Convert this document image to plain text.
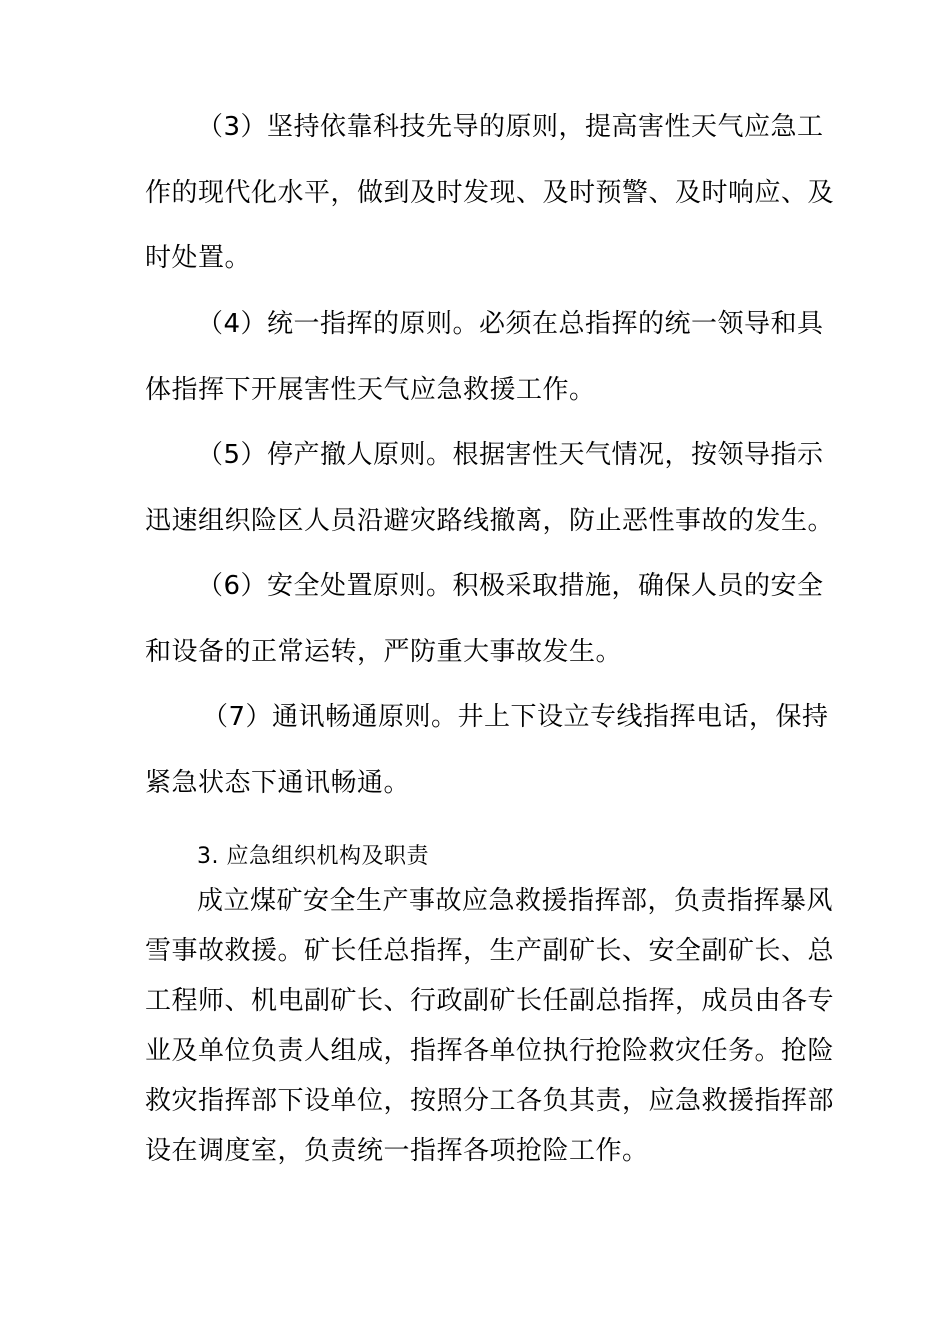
（3）坚持依靠科技先导的原则，提高害性天气应急工
作的现代化水平，做到及时发现、及时预警、及时响应、及
时处置。
（4）统一指挥的原则。必须在总指挥的统一领导和具
体指挥下开展害性天气应急救援工作。
（5）停产撤人原则。根据害性天气情况，按领导指示
迅速组织险区人员沿避灾路线撤离，防止恶性事故的发生。
（6）安全处置原则。积极采取措施，确保人员的安全
和设备的正常运转，严防重大事故发生。
（7）通讯畅通原则。井上下设立专线指挥电话，保持
紧急状态下通讯畅通。
3. 应急组织机构及职责
成立煤矿安全生产事故应急救援指挥部，负责指挥暴风
雪事故救援。矿长任总指挥，生产副矿长、安全副矿长、总
工程师、机电副矿长、行政副矿长任副总指挥，成员由各专
业及单位负责人组成，指挥各单位执行抢险救灾任务。抢险
救灾指挥部下设单位，按照分工各负其责，应急救援指挥部
设在调度室，负责统一指挥各项抢险工作。
